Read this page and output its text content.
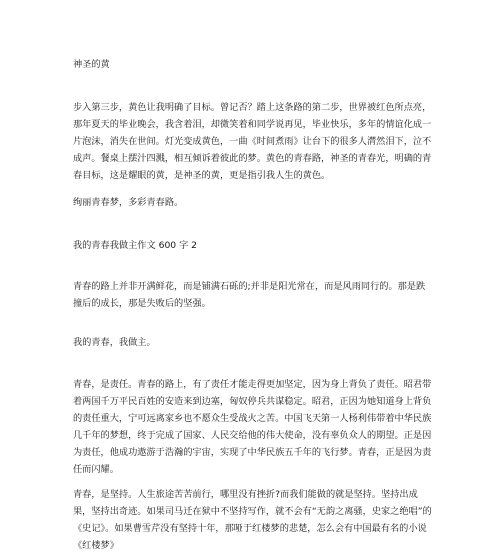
神圣的黄

步入第三步，黄色让我明确了目标。曾记否？踏上这条路的第二步，世界被红色所点亮，那年夏天的毕业晚会，我含着泪，却微笑着和同学说再见，毕业快乐，多年的情谊化成一片泡沫，消失在世间。灯光变成黄色，一曲《时间煮雨》让台下的很多人潸然泪下，泣不成声。餐桌上摆汁四溅，相互倾诉着彼此的梦。黄色的青春路，神圣的青春光，明确的青春目标，这是耀眼的黄，是神圣的黄，更是指引我人生的黄色。

绚丽青春梦，多彩青春路。

我的青春我做主作文 600 字 2

青春的路上并非开满鲜花，而是铺满石砾的;并非是阳光常在，而是风雨同行的。那是跌撞后的成长，那是失败后的坚强。

我的青春，我做主。

青春，是责任。青春的路上，有了责任才能走得更加坚定，因为身上背负了责任。昭君带着两国千万平民百姓的安造来到边塞，匈奴停兵共谋稳定。昭君，正因为她知道身上背负的责任重大，宁可远离家乡也不愿众生受战火之苦。中国飞天第一人杨利伟带着中华民族几千年的梦想，终于完成了国家、人民交给他的伟大使命，没有辜负众人的期望。正是因为责任，他成功遨游于浩瀚的宇宙，实现了中华民族五千年的飞行梦。青春，正是因为责任而闪耀。

青春，是坚持。人生旅途苦苦前行，哪里没有挫折?而我们能做的就是坚持。坚持出成果，坚持出奇迹。如果司马迁在狱中不坚持写作，就不会有“无韵之离骚，史家之绝唱”的《史记》。如果曹雪芹没有坚持十年，那哑于红楼梦的悲楚，怎么会有中国最有名的小说《红楼梦》
